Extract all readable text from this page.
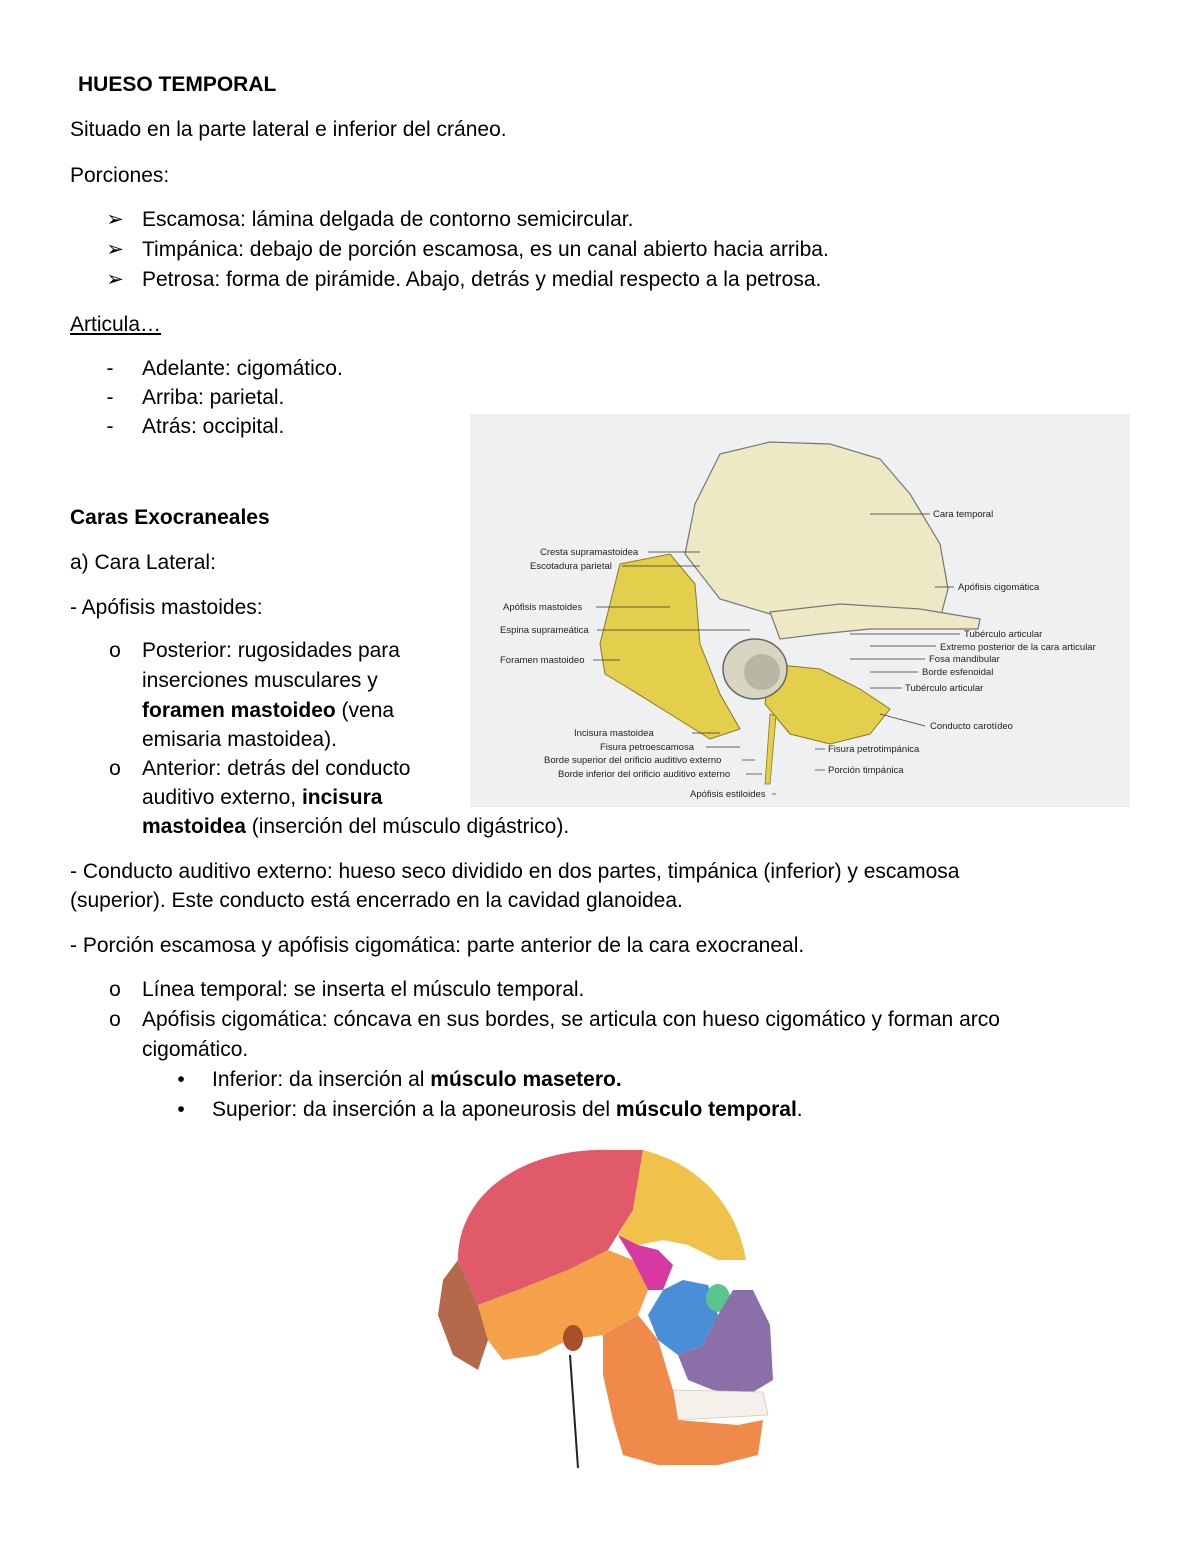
HUESO TEMPORAL
Situado en la parte lateral e inferior del cráneo.
Porciones:
➢ Escamosa: lámina delgada de contorno semicircular.
➢ Timpánica: debajo de porción escamosa, es un canal abierto hacia arriba.
➢ Petrosa: forma de pirámide. Abajo, detrás y medial respecto a la petrosa.
Articula…
-	Adelante: cigomático.
-	Arriba: parietal.
-	Atrás: occipital.
Caras Exocraneales
a) Cara Lateral:
- Apófisis mastoides:
o	Posterior: rugosidades para
inserciones musculares y
foramen mastoideo (vena
emisaria mastoidea).
o	Anterior: detrás del conducto
auditivo externo, incisura
mastoidea (inserción del músculo digástrico).
- Conducto auditivo externo: hueso seco dividido en dos partes, timpánica (inferior) y escamosa
(superior). Este conducto está encerrado en la cavidad glanoidea.
- Porción escamosa y apófisis cigomática: parte anterior de la cara exocraneal.
o	Línea temporal: se inserta el músculo temporal.
o	Apófisis cigomática: cóncava en sus bordes, se articula con hueso cigomático y forman arco
cigomático.
•	Inferior: da inserción al músculo masetero.
•	Superior: da inserción a la aponeurosis del músculo temporal.
Cara temporal
Cresta supramastoidea
Escotadura parietal
Apófisis cigomática
Apófisis mastoides
Espina suprameática
Foramen mastoideo
Tubérculo articular
Extremo posterior de la cara articular
Fosa mandibular
Borde esfenoidal
Tubérculo articular
Conducto carotídeo
Incisura mastoidea
Fisura petroescamosa
Borde superior del orificio auditivo externo
Borde inferior del orificio auditivo externo
Apófisis estiloides
Fisura petrotimpánica
Porción timpánica
